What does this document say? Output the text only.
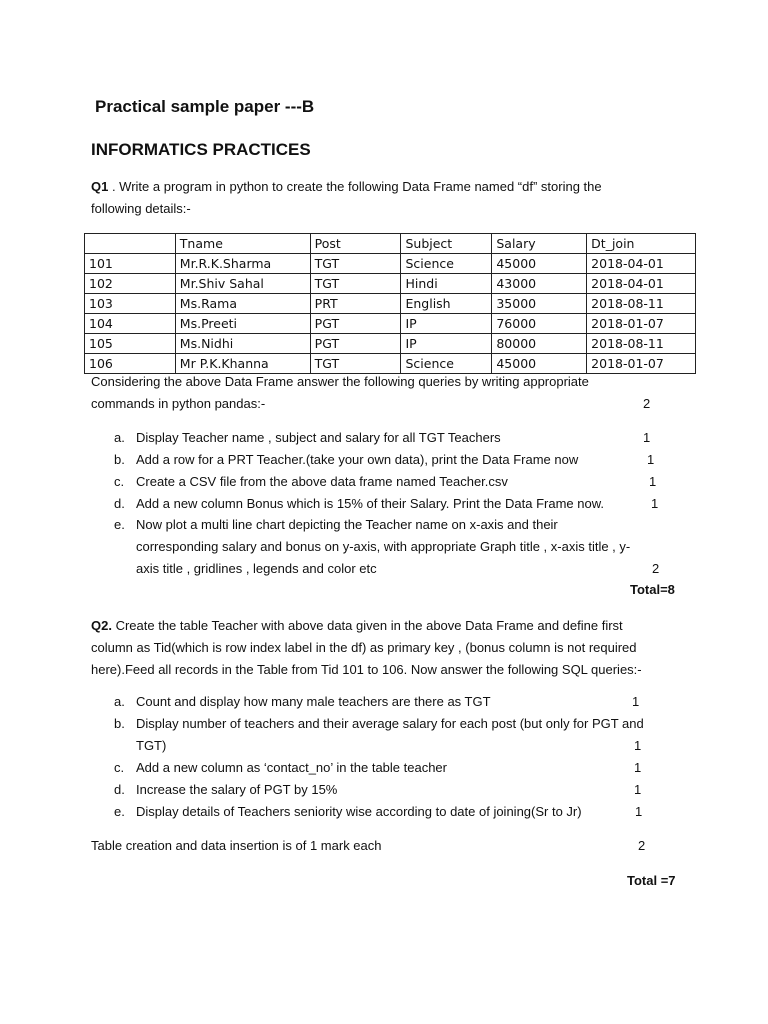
Practical sample paper ---B
INFORMATICS PRACTICES
Q1 . Write a program in python to create the following Data Frame named “df” storing the
following details:-
	Tname	Post	Subject	Salary	Dt_join
101	Mr.R.K.Sharma	TGT	Science	45000	2018-04-01
102	Mr.Shiv Sahal	TGT	Hindi	43000	2018-04-01
103	Ms.Rama	PRT	English	35000	2018-08-11
104	Ms.Preeti	PGT	IP	76000	2018-01-07
105	Ms.Nidhi	PGT	IP	80000	2018-08-11
106	Mr P.K.Khanna	TGT	Science	45000	2018-01-07
Considering the above Data Frame answer the following queries by writing appropriate
commands in python pandas:-	2
a. Display Teacher name , subject and salary for all TGT Teachers	1
b. Add a row for a PRT Teacher.(take your own data), print the Data Frame now	1
c. Create a CSV file from the above data frame named Teacher.csv	1
d. Add a new column Bonus which is 15% of their Salary. Print the Data Frame now.	1
e. Now plot a multi line chart depicting the Teacher name on x-axis and their
corresponding salary and bonus on y-axis, with appropriate Graph title , x-axis title , y-
axis title , gridlines , legends and color etc	2
Total=8
Q2. Create the table Teacher with above data given in the above Data Frame and define first
column as Tid(which is row index label in the df) as primary key , (bonus column is not required
here).Feed all records in the Table from Tid 101 to 106. Now answer the following SQL queries:-
a. Count and display how many male teachers are there as TGT	1
b. Display number of teachers and their average salary for each post (but only for PGT and
TGT)	1
c. Add a new column as ‘contact_no’ in the table teacher	1
d. Increase the salary of PGT by 15%	1
e. Display details of Teachers seniority wise according to date of joining(Sr to Jr)	1
Table creation and data insertion is of 1 mark each	2
Total =7
